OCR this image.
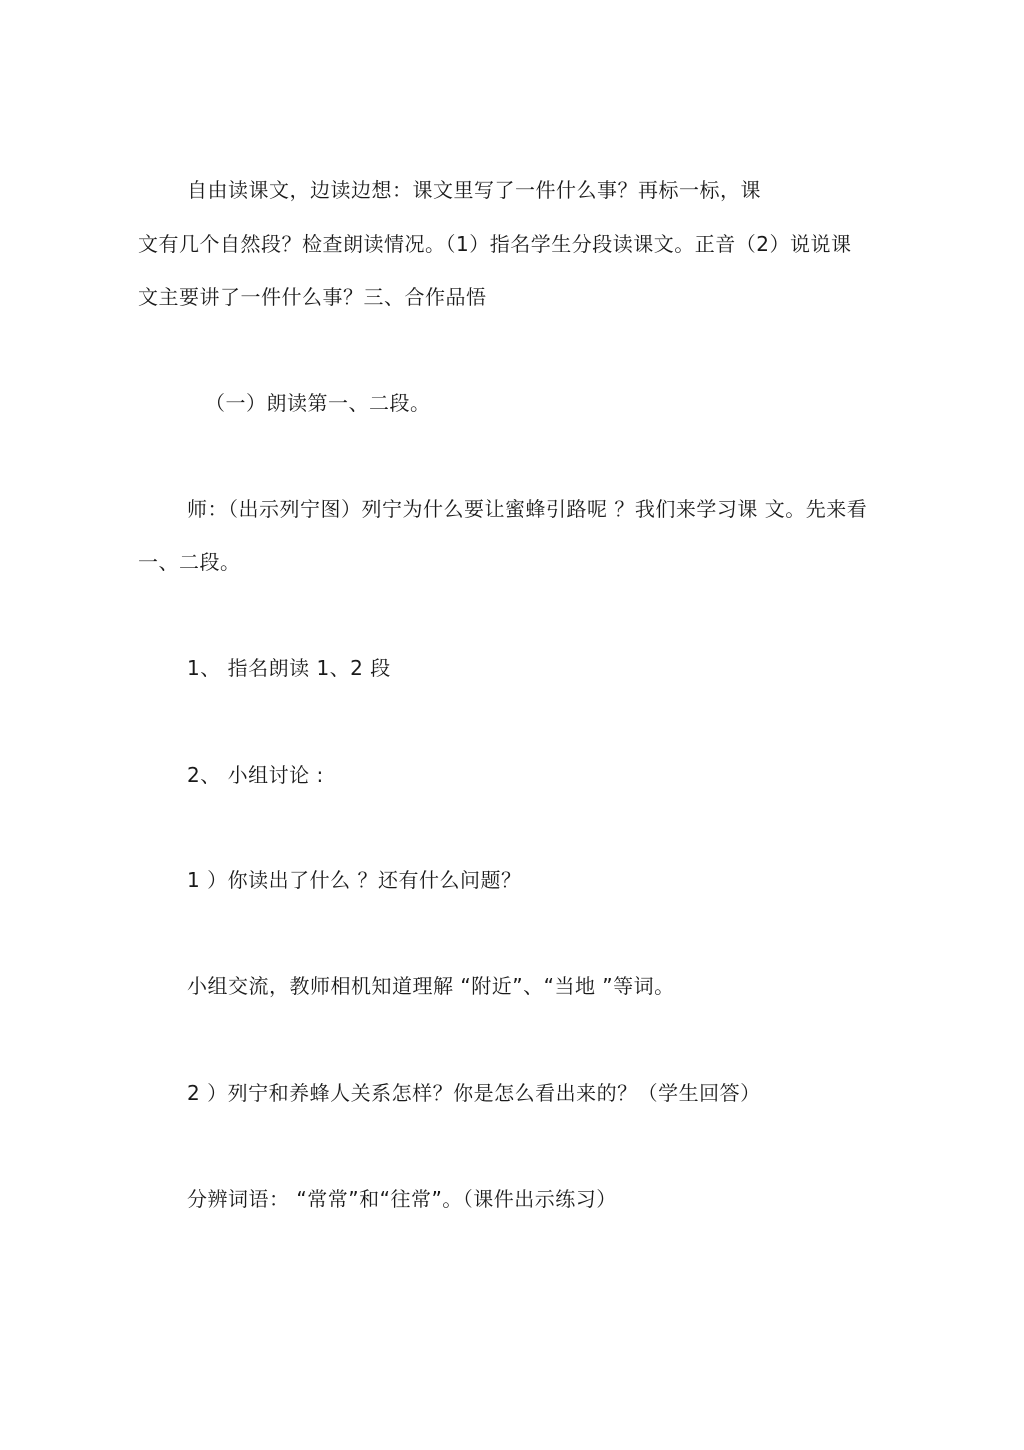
自由读课文，边读边想：课文里写了一件什么事？再标一标，课

文有几个自然段？检查朗读情况。（1）指名学生分段读课文。正音（2）说说课

文主要讲了一件什么事？三、合作品悟

（一）朗读第一、二段。

师：（出示列宁图）列宁为什么要让蜜蜂引路呢 ？我们来学习课 文。先来看

一、二段。

1、 指名朗读 1、2 段

2、 小组讨论 :

1 ）你读出了什么 ？还有什么问题？

小组交流，教师相机知道理解 “附近”、“当地 ”等词。

2 ）列宁和养蜂人关系怎样？你是怎么看出来的？（学生回答）

分辨词语： “常常”和“往常”。（课件出示练习）
